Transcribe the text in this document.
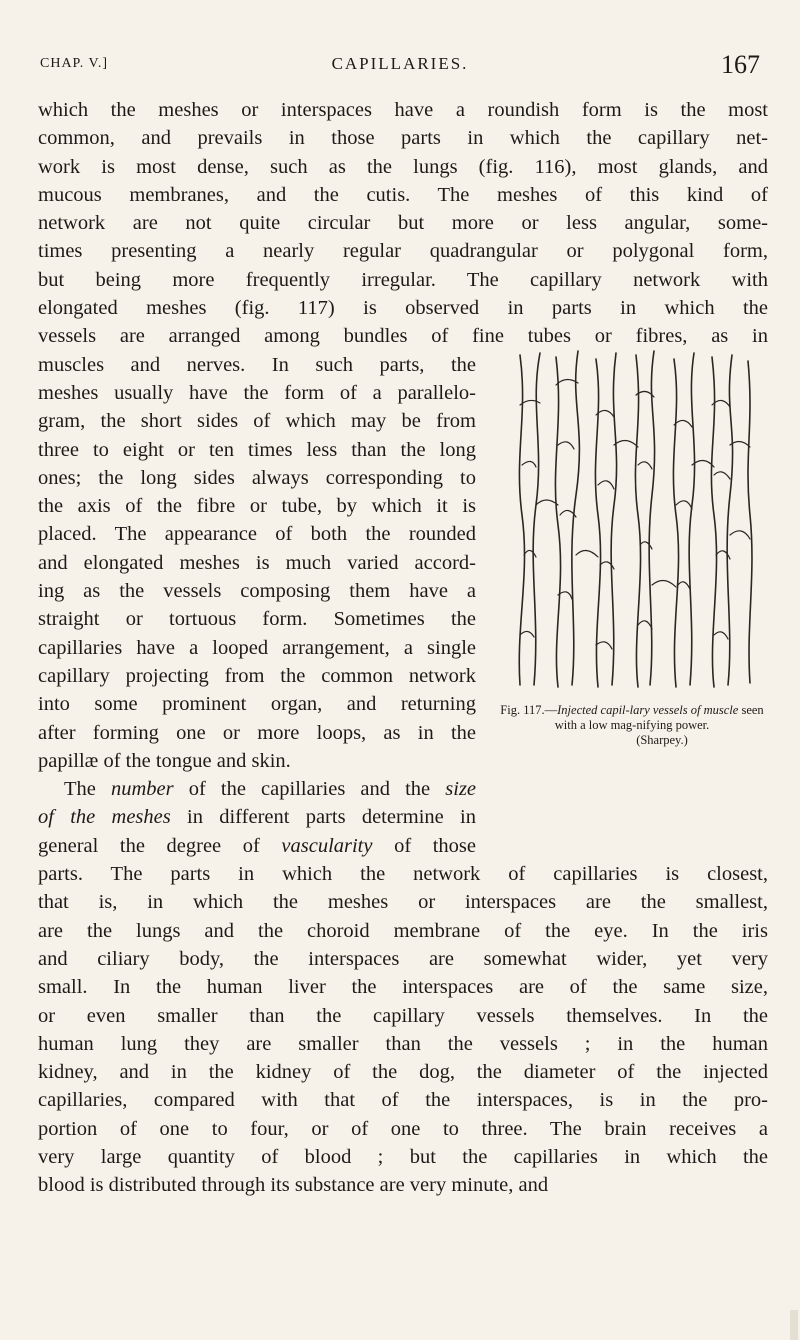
CHAP. V.]	CAPILLARIES.	167
which the meshes or interspaces have a roundish form is the most
common, and prevails in those parts in which the capillary net-
work is most dense, such as the lungs (fig. 116), most glands, and
mucous membranes, and the cutis. The meshes of this kind of
network are not quite circular but more or less angular, some-
times presenting a nearly regular quadrangular or polygonal form,
but being more frequently irregular. The capillary network with
elongated meshes (fig. 117) is observed in parts in which the
vessels are arranged among bundles of fine tubes or fibres, as in
muscles and nerves. In such parts, the
meshes usually have the form of a parallelo-
gram, the short sides of which may be from
three to eight or ten times less than the long
ones; the long sides always corresponding to
the axis of the fibre or tube, by which it is
placed. The appearance of both the rounded
and elongated meshes is much varied accord-
ing as the vessels composing them have a
straight or tortuous form. Sometimes the
capillaries have a looped arrangement, a single
capillary projecting from the common network
into some prominent organ, and returning
after forming one or more loops, as in the
papillæ of the tongue and skin.
The number of the capillaries and the size
of the meshes in different parts determine in
general the degree of vascularity of those
parts. The parts in which the network of capillaries is closest,
that is, in which the meshes or interspaces are the smallest,
are the lungs and the choroid membrane of the eye. In the iris
and ciliary body, the interspaces are somewhat wider, yet very
small. In the human liver the interspaces are of the same size,
or even smaller than the capillary vessels themselves. In the
human lung they are smaller than the vessels ; in the human
kidney, and in the kidney of the dog, the diameter of the injected
capillaries, compared with that of the interspaces, is in the pro-
portion of one to four, or of one to three. The brain receives a
very large quantity of blood ; but the capillaries in which the
blood is distributed through its substance are very minute, and
Fig. 117.—Injected capil-lary vessels of muscle seen with a low mag-nifying power.
(Sharpey.)
